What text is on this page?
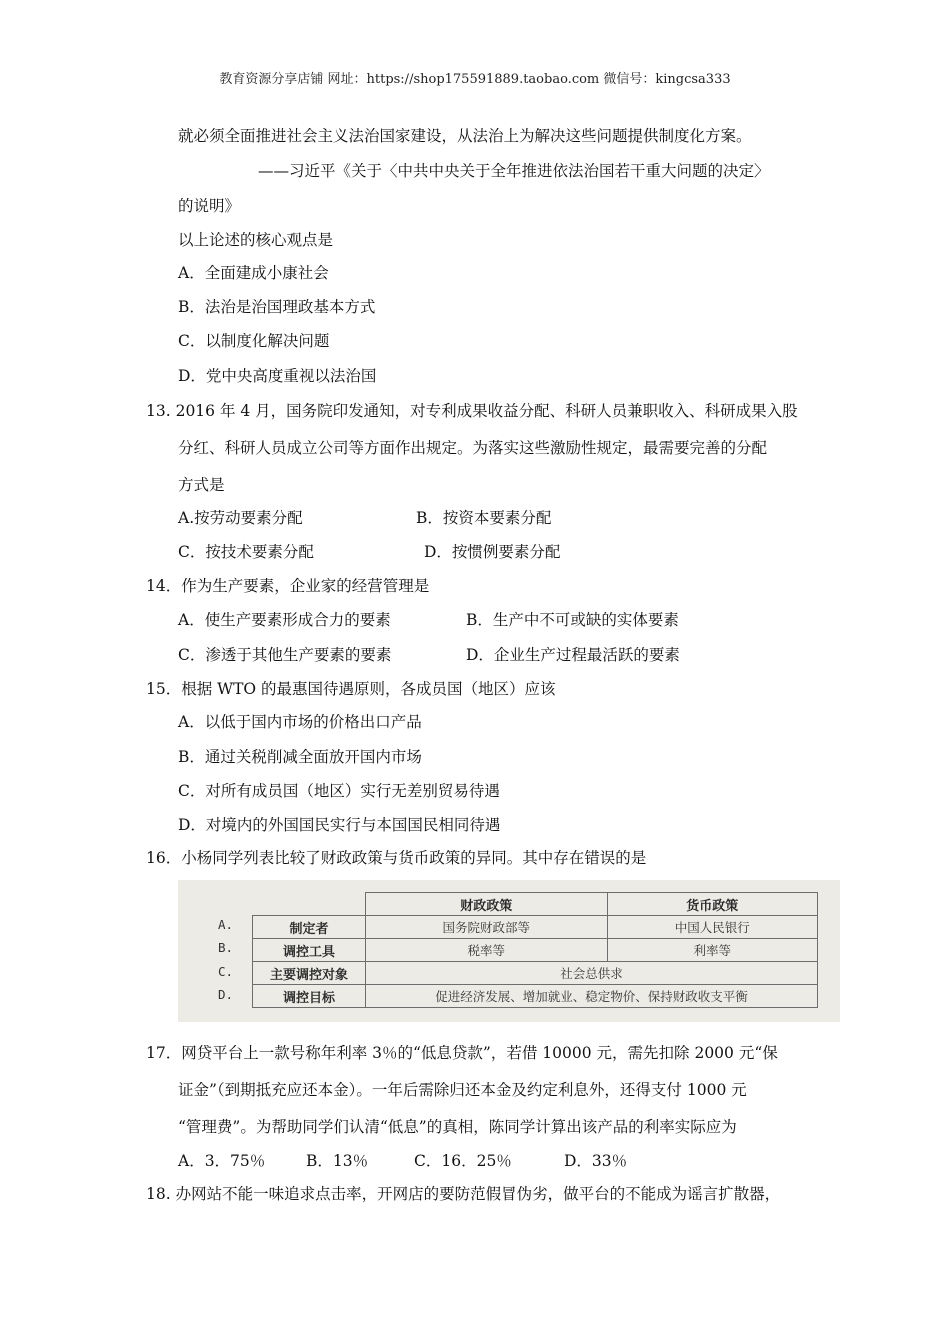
教育资源分享店铺 网址：https://shop175591889.taobao.com 微信号：kingcsa333
就必须全面推进社会主义法治国家建设，从法治上为解决这些问题提供制度化方案。
——习近平《关于〈中共中央关于全年推进依法治国若干重大问题的决定〉
的说明》
以上论述的核心观点是
A．全面建成小康社会
B．法治是治国理政基本方式
C．以制度化解决问题
D．党中央高度重视以法治国
13. 2016 年 4 月，国务院印发通知，对专利成果收益分配、科研人员兼职收入、科研成果入股
分红、科研人员成立公司等方面作出规定。为落实这些激励性规定，最需要完善的分配
方式是
A.按劳动要素分配	B．按资本要素分配
C．按技术要素分配	D．按惯例要素分配
14．作为生产要素，企业家的经营管理是
A．使生产要素形成合力的要素	B．生产中不可或缺的实体要素
C．渗透于其他生产要素的要素	D．企业生产过程最活跃的要素
15．根据 WTO 的最惠国待遇原则，各成员国（地区）应该
A．以低于国内市场的价格出口产品
B．通过关税削减全面放开国内市场
C．对所有成员国（地区）实行无差别贸易待遇
D．对境内的外国国民实行与本国国民相同待遇
16．小杨同学列表比较了财政政策与货币政策的异同。其中存在错误的是
A.
B.
C.
D.
	财政政策	货币政策
制定者	国务院财政部等	中国人民银行
调控工具	税率等	利率等
主要调控对象	社会总供求	
调控目标	促进经济发展、增加就业、稳定物价、保持财政收支平衡	
17．网贷平台上一款号称年利率 3％的“低息贷款”，若借 10000 元，需先扣除 2000 元“保
证金”（到期抵充应还本金）。一年后需除归还本金及约定利息外，还得支付 1000 元
“管理费”。为帮助同学们认清“低息”的真相，陈同学计算出该产品的利率实际应为
A．3．75％	B．13％	C．16．25％	D．33％
18. 办网站不能一味追求点击率，开网店的要防范假冒伪劣，做平台的不能成为谣言扩散器，
